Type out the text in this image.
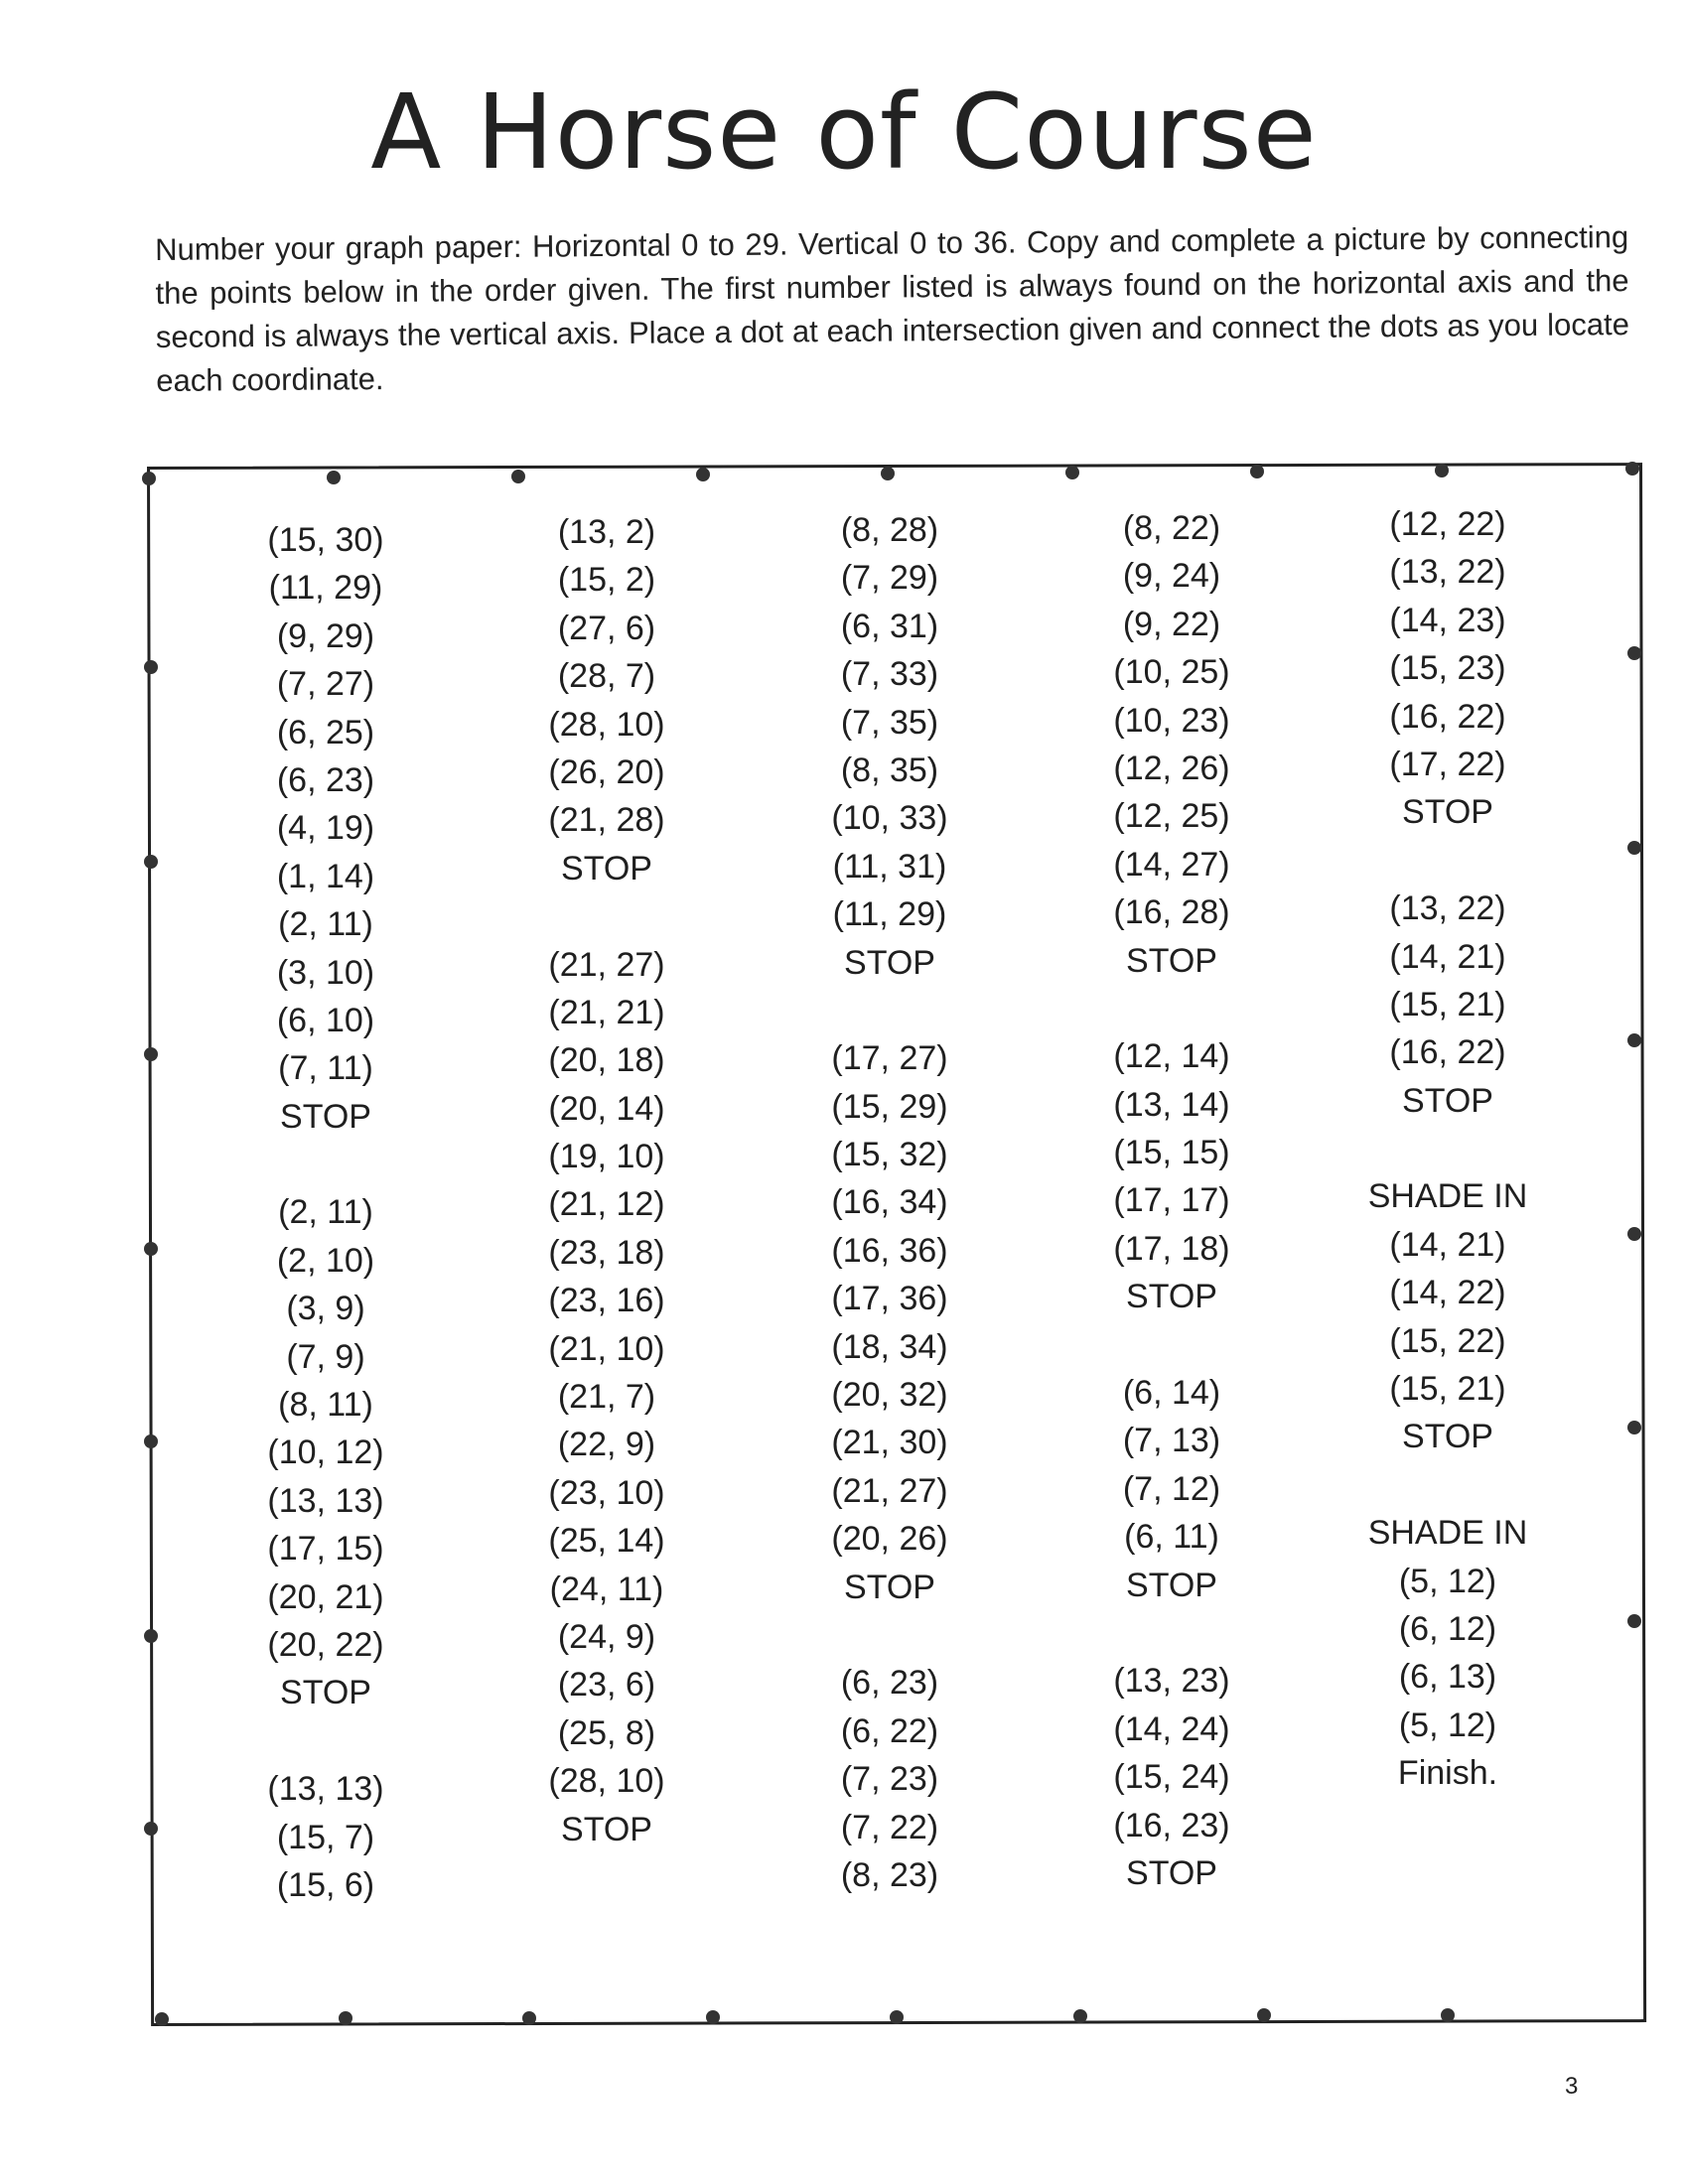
A Horse of Course
Number your graph paper: Horizontal 0 to 29. Vertical 0 to 36. Copy and complete a picture by connecting the points below in the order given. The first number listed is always found on the horizontal axis and the second is always the vertical axis. Place a dot at each intersection given and connect the dots as you locate each coordinate.
(15, 30)
(11, 29)
(9, 29)
(7, 27)
(6, 25)
(6, 23)
(4, 19)
(1, 14)
(2, 11)
(3, 10)
(6, 10)
(7, 11)
STOP
(2, 11)
(2, 10)
(3, 9)
(7, 9)
(8, 11)
(10, 12)
(13, 13)
(17, 15)
(20, 21)
(20, 22)
STOP
(13, 13)
(15, 7)
(15, 6)
(13, 2)
(15, 2)
(27, 6)
(28, 7)
(28, 10)
(26, 20)
(21, 28)
STOP
(21, 27)
(21, 21)
(20, 18)
(20, 14)
(19, 10)
(21, 12)
(23, 18)
(23, 16)
(21, 10)
(21, 7)
(22, 9)
(23, 10)
(25, 14)
(24, 11)
(24, 9)
(23, 6)
(25, 8)
(28, 10)
STOP
(8, 28)
(7, 29)
(6, 31)
(7, 33)
(7, 35)
(8, 35)
(10, 33)
(11, 31)
(11, 29)
STOP
(17, 27)
(15, 29)
(15, 32)
(16, 34)
(16, 36)
(17, 36)
(18, 34)
(20, 32)
(21, 30)
(21, 27)
(20, 26)
STOP
(6, 23)
(6, 22)
(7, 23)
(7, 22)
(8, 23)
(8, 22)
(9, 24)
(9, 22)
(10, 25)
(10, 23)
(12, 26)
(12, 25)
(14, 27)
(16, 28)
STOP
(12, 14)
(13, 14)
(15, 15)
(17, 17)
(17, 18)
STOP
(6, 14)
(7, 13)
(7, 12)
(6, 11)
STOP
(13, 23)
(14, 24)
(15, 24)
(16, 23)
STOP
(12, 22)
(13, 22)
(14, 23)
(15, 23)
(16, 22)
(17, 22)
STOP
(13, 22)
(14, 21)
(15, 21)
(16, 22)
STOP
SHADE IN
(14, 21)
(14, 22)
(15, 22)
(15, 21)
STOP
SHADE IN
(5, 12)
(6, 12)
(6, 13)
(5, 12)
Finish.
3
